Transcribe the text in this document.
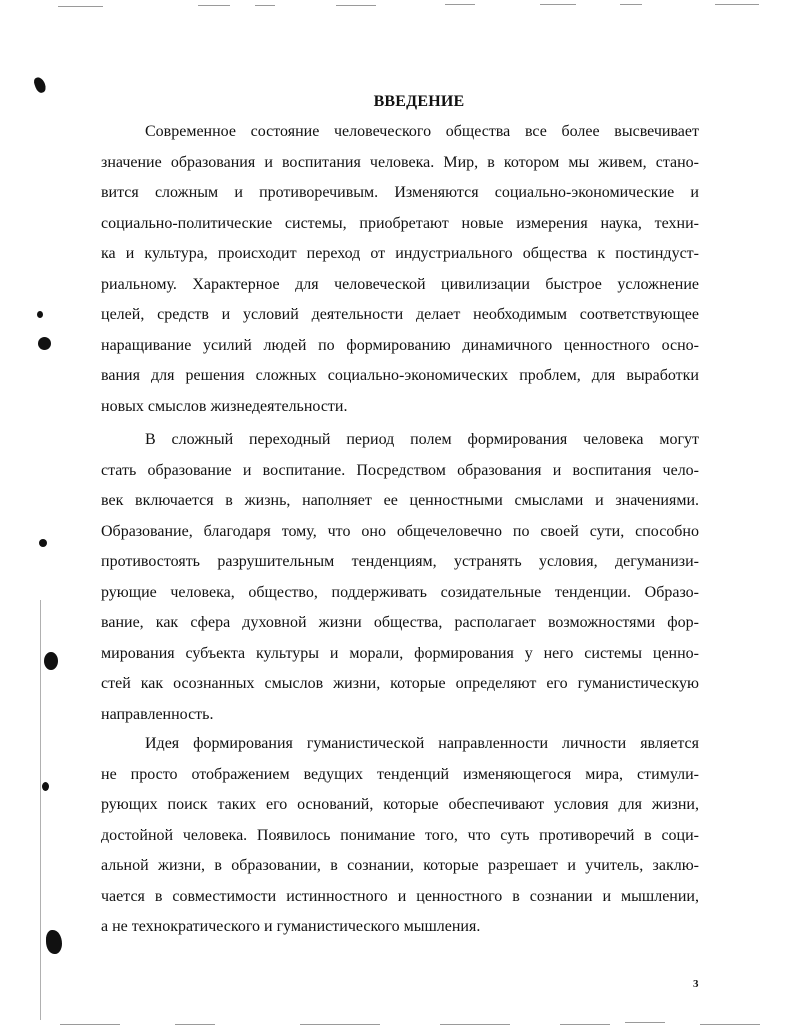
ВВЕДЕНИЕ
Современное состояние человеческого общества все более высвечивает
значение образования и воспитания человека. Мир, в котором мы живем, стано-
вится сложным и противоречивым. Изменяются социально-экономические и
социально-политические системы, приобретают новые измерения наука, техни-
ка и культура, происходит переход от индустриального общества к постиндуст-
риальному. Характерное для человеческой цивилизации быстрое усложнение
целей, средств и условий деятельности делает необходимым соответствующее
наращивание усилий людей по формированию динамичного ценностного осно-
вания для решения сложных социально-экономических проблем, для выработки
новых смыслов жизнедеятельности.
В сложный переходный период полем формирования человека могут
стать образование и воспитание. Посредством образования и воспитания чело-
век включается в жизнь, наполняет ее ценностными смыслами и значениями.
Образование, благодаря тому, что оно общечеловечно по своей сути, способно
противостоять разрушительным тенденциям, устранять условия, дегуманизи-
рующие человека, общество, поддерживать созидательные тенденции. Образо-
вание, как сфера духовной жизни общества, располагает возможностями фор-
мирования субъекта культуры и морали, формирования у него системы ценно-
стей как осознанных смыслов жизни, которые определяют его гуманистическую
направленность.
Идея формирования гуманистической направленности личности является
не просто отображением ведущих тенденций изменяющегося мира, стимули-
рующих поиск таких его оснований, которые обеспечивают условия для жизни,
достойной человека. Появилось понимание того, что суть противоречий в соци-
альной жизни, в образовании, в сознании, которые разрешает и учитель, заклю-
чается в совместимости истинностного и ценностного в сознании и мышлении,
а не технократического и гуманистического мышления.
3
